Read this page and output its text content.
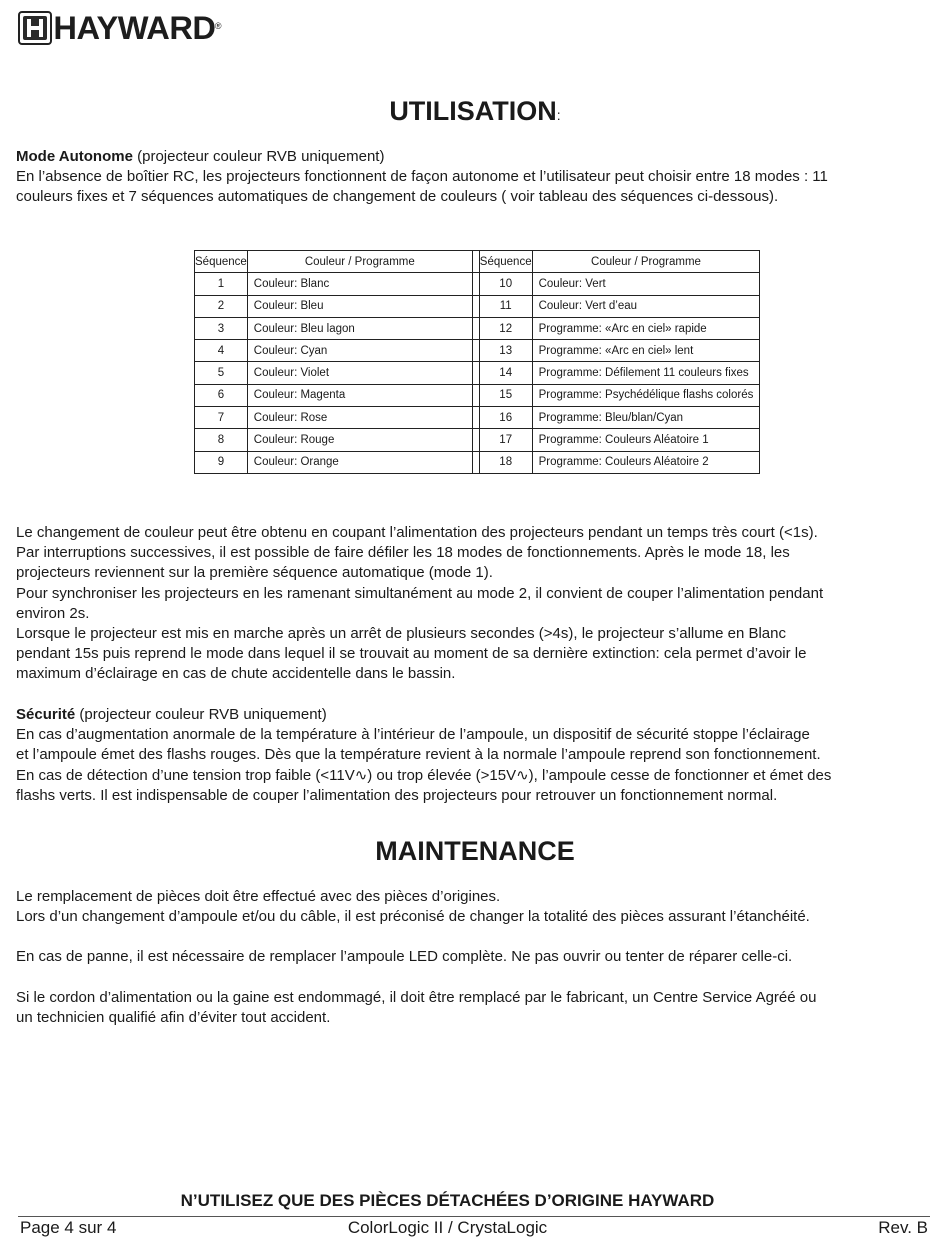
HAYWARD ®
UTILISATION:

Mode Autonome (projecteur couleur RVB uniquement)
En l’absence de boîtier RC, les projecteurs fonctionnent de façon autonome et l’utilisateur peut choisir entre 18 modes : 11
couleurs fixes et 7 séquences automatiques de changement de couleurs ( voir tableau des séquences ci-dessous).

Séquence	Couleur / Programme		Séquence	Couleur / Programme
1	Couleur: Blanc		10	Couleur: Vert
2	Couleur: Bleu		11	Couleur: Vert d’eau
3	Couleur: Bleu lagon		12	Programme: «Arc en ciel» rapide
4	Couleur: Cyan		13	Programme: «Arc en ciel» lent
5	Couleur: Violet		14	Programme: Défilement 11 couleurs fixes
6	Couleur: Magenta		15	Programme: Psychédélique flashs colorés
7	Couleur: Rose		16	Programme: Bleu/blan/Cyan
8	Couleur: Rouge		17	Programme: Couleurs Aléatoire 1
9	Couleur: Orange		18	Programme: Couleurs Aléatoire 2

Le changement de couleur peut être obtenu en coupant l’alimentation des projecteurs pendant un temps très court (<1s).
Par interruptions successives, il est possible de faire défiler les 18 modes de fonctionnements. Après le mode 18, les
projecteurs reviennent sur la première séquence automatique (mode 1).
Pour synchroniser les projecteurs en les ramenant simultanément au mode 2, il convient de couper l’alimentation pendant
environ 2s.
Lorsque le projecteur est mis en marche après un arrêt de plusieurs secondes (>4s), le projecteur s’allume en Blanc
pendant 15s puis reprend le mode dans lequel il se trouvait au moment de sa dernière extinction: cela permet d’avoir le
maximum d’éclairage en cas de chute accidentelle dans le bassin.

Sécurité (projecteur couleur RVB uniquement)
En cas d’augmentation anormale de la température à l’intérieur de l’ampoule, un dispositif de sécurité stoppe l’éclairage
et l’ampoule émet des flashs rouges. Dès que la température revient à la normale l’ampoule reprend son fonctionnement.
En cas de détection d’une tension trop faible (<11V∿) ou trop élevée (>15V∿), l’ampoule cesse de fonctionner et émet des
flashs verts. Il est indispensable de couper l’alimentation des projecteurs pour retrouver un fonctionnement normal.

MAINTENANCE

Le remplacement de pièces doit être effectué avec des pièces d’origines.
Lors d’un changement d’ampoule et/ou du câble, il est préconisé de changer la totalité des pièces assurant l’étanchéité.

En cas de panne, il est nécessaire de remplacer l’ampoule LED complète. Ne pas ouvrir ou tenter de réparer celle-ci.

Si le cordon d’alimentation ou la gaine est endommagé, il doit être remplacé par le fabricant, un Centre Service Agréé ou
un technicien qualifié afin d’éviter tout accident.

N’UTILISEZ QUE DES PIÈCES DÉTACHÉES D’ORIGINE HAYWARD
Page 4 sur 4	ColorLogic II / CrystaLogic	Rev. B
